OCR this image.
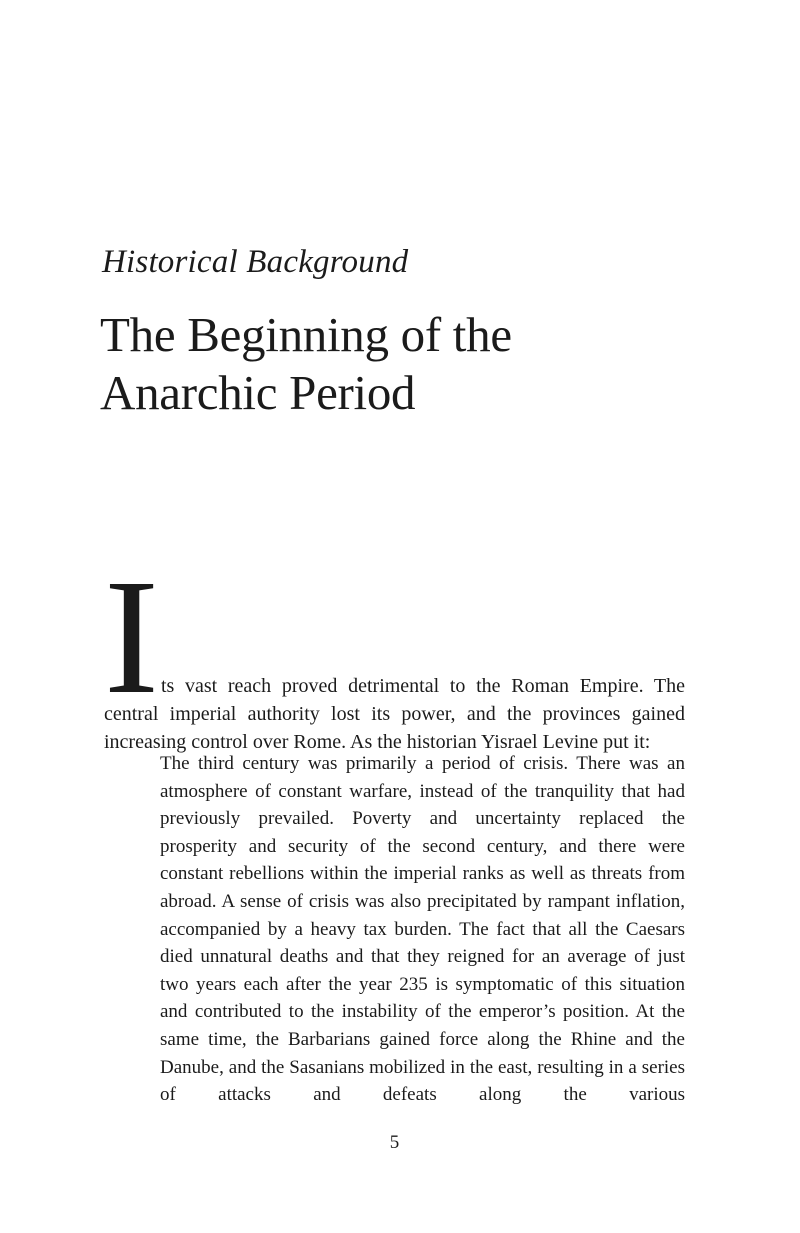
Historical Background
The Beginning of the
Anarchic Period

Its vast reach proved detrimental to the Roman Empire. The central imperial authority lost its power, and the provinces gained increasing control over Rome. As the historian Yisrael Levine put it:

The third century was primarily a period of crisis. There was an atmosphere of constant warfare, instead of the tranquility that had previously prevailed. Poverty and uncertainty replaced the prosperity and security of the second century, and there were constant rebellions within the imperial ranks as well as threats from abroad. A sense of crisis was also precipitated by rampant inflation, accompanied by a heavy tax burden. The fact that all the Caesars died unnatural deaths and that they reigned for an average of just two years each after the year 235 is symptomatic of this situation and contributed to the instability of the emperor’s position. At the same time, the Barbarians gained force along the Rhine and the Danube, and the Sasanians mobilized in the east, resulting in a series of attacks and defeats along the various
5
